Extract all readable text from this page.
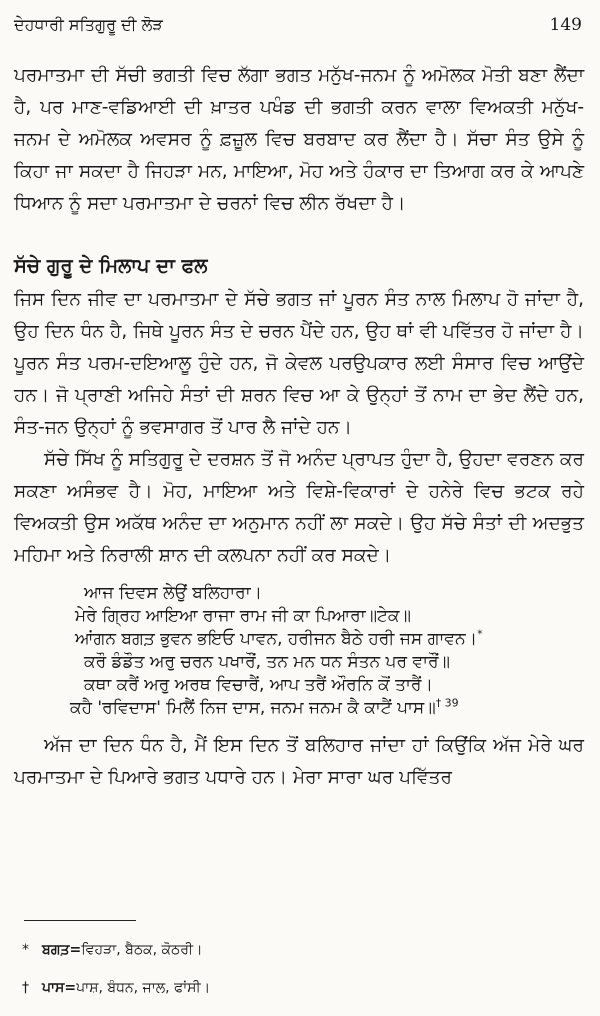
ਦੇਹਧਾਰੀ ਸਤਿਗੁਰੂ ਦੀ ਲੋੜ	149

ਪਰਮਾਤਮਾ ਦੀ ਸੱਚੀ ਭਗਤੀ ਵਿਚ ਲੱਗਾ ਭਗਤ ਮਨੁੱਖ-ਜਨਮ ਨੂੰ ਅਮੋਲਕ ਮੋਤੀ ਬਣਾ ਲੈਂਦਾ ਹੈ, ਪਰ ਮਾਣ-ਵਡਿਆਈ ਦੀ ਖ਼ਾਤਰ ਪਖੰਡ ਦੀ ਭਗਤੀ ਕਰਨ ਵਾਲਾ ਵਿਅਕਤੀ ਮਨੁੱਖ-ਜਨਮ ਦੇ ਅਮੋਲਕ ਅਵਸਰ ਨੂੰ ਫ਼ਜ਼ੂਲ ਵਿਚ ਬਰਬਾਦ ਕਰ ਲੈਂਦਾ ਹੈ। ਸੱਚਾ ਸੰਤ ਉਸੇ ਨੂੰ ਕਿਹਾ ਜਾ ਸਕਦਾ ਹੈ ਜਿਹੜਾ ਮਨ, ਮਾਇਆ, ਮੋਹ ਅਤੇ ਹੰਕਾਰ ਦਾ ਤਿਆਗ ਕਰ ਕੇ ਆਪਣੇ ਧਿਆਨ ਨੂੰ ਸਦਾ ਪਰਮਾਤਮਾ ਦੇ ਚਰਨਾਂ ਵਿਚ ਲੀਨ ਰੱਖਦਾ ਹੈ।

ਸੱਚੇ ਗੁਰੂ ਦੇ ਮਿਲਾਪ ਦਾ ਫਲ

ਜਿਸ ਦਿਨ ਜੀਵ ਦਾ ਪਰਮਾਤਮਾ ਦੇ ਸੱਚੇ ਭਗਤ ਜਾਂ ਪੂਰਨ ਸੰਤ ਨਾਲ ਮਿਲਾਪ ਹੋ ਜਾਂਦਾ ਹੈ, ਉਹ ਦਿਨ ਧੰਨ ਹੈ, ਜਿਥੇ ਪੂਰਨ ਸੰਤ ਦੇ ਚਰਨ ਪੈਂਦੇ ਹਨ, ਉਹ ਥਾਂ ਵੀ ਪਵਿੱਤਰ ਹੋ ਜਾਂਦਾ ਹੈ। ਪੂਰਨ ਸੰਤ ਪਰਮ-ਦਇਆਲੂ ਹੁੰਦੇ ਹਨ, ਜੋ ਕੇਵਲ ਪਰਉਪਕਾਰ ਲਈ ਸੰਸਾਰ ਵਿਚ ਆਉਂਦੇ ਹਨ। ਜੋ ਪ੍ਰਾਣੀ ਅਜਿਹੇ ਸੰਤਾਂ ਦੀ ਸ਼ਰਨ ਵਿਚ ਆ ਕੇ ਉਨ੍ਹਾਂ ਤੋਂ ਨਾਮ ਦਾ ਭੇਦ ਲੈਂਦੇ ਹਨ, ਸੰਤ-ਜਨ ਉਨ੍ਹਾਂ ਨੂੰ ਭਵਸਾਗਰ ਤੋਂ ਪਾਰ ਲੈ ਜਾਂਦੇ ਹਨ।

ਸੱਚੇ ਸਿੱਖ ਨੂੰ ਸਤਿਗੁਰੂ ਦੇ ਦਰਸ਼ਨ ਤੋਂ ਜੋ ਅਨੰਦ ਪ੍ਰਾਪਤ ਹੁੰਦਾ ਹੈ, ਉਹਦਾ ਵਰਣਨ ਕਰ ਸਕਣਾ ਅਸੰਭਵ ਹੈ। ਮੋਹ, ਮਾਇਆ ਅਤੇ ਵਿਸ਼ੇ-ਵਿਕਾਰਾਂ ਦੇ ਹਨੇਰੇ ਵਿਚ ਭਟਕ ਰਹੇ ਵਿਅਕਤੀ ਉਸ ਅਕੱਥ ਅਨੰਦ ਦਾ ਅਨੁਮਾਨ ਨਹੀਂ ਲਾ ਸਕਦੇ। ਉਹ ਸੱਚੇ ਸੰਤਾਂ ਦੀ ਅਦਭੁਤ ਮਹਿਮਾ ਅਤੇ ਨਿਰਾਲੀ ਸ਼ਾਨ ਦੀ ਕਲਪਨਾ ਨਹੀਂ ਕਰ ਸਕਦੇ।

ਆਜ ਦਿਵਸ ਲੇਉਂ ਬਲਿਹਾਰਾ।
ਮੇਰੇ ਗ੍ਰਿਹ ਆਇਆ ਰਾਜਾ ਰਾਮ ਜੀ ਕਾ ਪਿਆਰਾ॥ਟੇਕ॥
ਆਂਗਨ ਬਗਤ਼ ਭੁਵਨ ਭਇਓ ਪਾਵਨ, ਹਰੀਜਨ ਬੈਠੇ ਹਰੀ ਜਸ ਗਾਵਨ।*
ਕਰੌ ਡੰਡੌਤ ਅਰੁ ਚਰਨ ਪਖਾਰੌਂ, ਤਨ ਮਨ ਧਨ ਸੰਤਨ ਪਰ ਵਾਰੌਂ॥
ਕਥਾ ਕਰੈਂ ਅਰੁ ਅਰਥ ਵਿਚਾਰੈਂ, ਆਪ ਤਰੈਂ ਔਰਨਿ ਕੋਂ ਤਾਰੈਂ।
ਕਹੈ 'ਰਵਿਦਾਸ' ਮਿਲੈਂ ਨਿਜ ਦਾਸ, ਜਨਮ ਜਨਮ ਕੈ ਕਾਟੈਂ ਪਾਸ॥$^{\dagger 39}$

ਅੱਜ ਦਾ ਦਿਨ ਧੰਨ ਹੈ, ਮੈਂ ਇਸ ਦਿਨ ਤੋਂ ਬਲਿਹਾਰ ਜਾਂਦਾ ਹਾਂ ਕਿਉਂਕਿ ਅੱਜ ਮੇਰੇ ਘਰ ਪਰਮਾਤਮਾ ਦੇ ਪਿਆਰੇ ਭਗਤ ਪਧਾਰੇ ਹਨ। ਮੇਰਾ ਸਾਰਾ ਘਰ ਪਵਿੱਤਰ

* ਬਗਤ਼=ਵਿਹੜਾ, ਬੈਠਕ, ਕੋਠਰੀ।
† ਪਾਸ=ਪਾਸ਼, ਬੰਧਨ, ਜਾਲ, ਫਾਂਸੀ।
